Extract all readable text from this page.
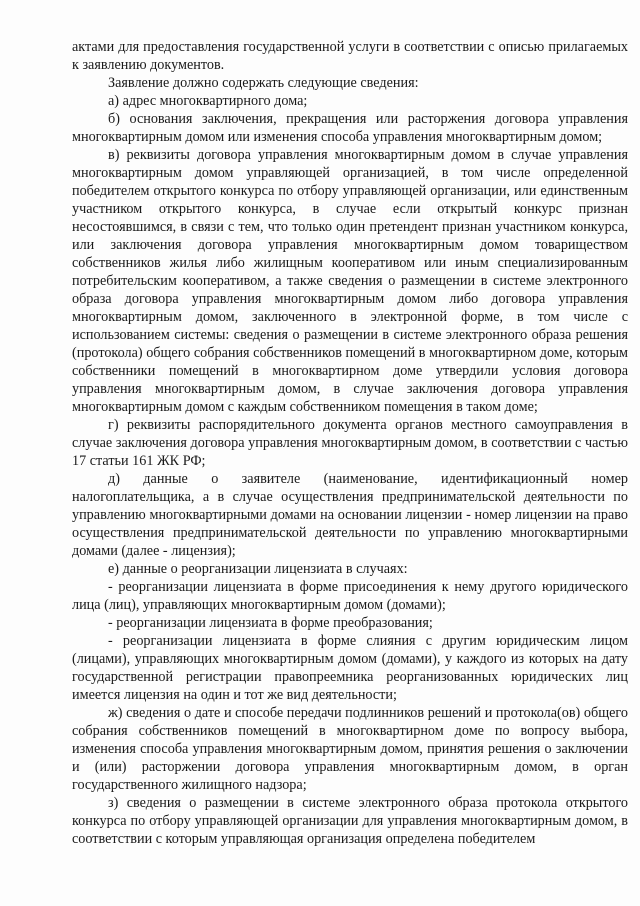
актами для предоставления государственной услуги в соответствии с описью прилагаемых к заявлению документов.

Заявление должно содержать следующие сведения:

а) адрес многоквартирного дома;

б) основания заключения, прекращения или расторжения договора управления многоквартирным домом или изменения способа управления многоквартирным домом;

в) реквизиты договора управления многоквартирным домом в случае управления многоквартирным домом управляющей организацией, в том числе определенной победителем открытого конкурса по отбору управляющей организации, или единственным участником открытого конкурса, в случае если открытый конкурс признан несостоявшимся, в связи с тем, что только один претендент признан участником конкурса, или заключения договора управления многоквартирным домом товариществом собственников жилья либо жилищным кооперативом или иным специализированным потребительским кооперативом, а также сведения о размещении в системе электронного образа договора управления многоквартирным домом либо договора управления многоквартирным домом, заключенного в электронной форме, в том числе с использованием системы: сведения о размещении в системе электронного образа решения (протокола) общего собрания собственников помещений в многоквартирном доме, которым собственники помещений в многоквартирном доме утвердили условия договора управления многоквартирным домом, в случае заключения договора управления многоквартирным домом с каждым собственником помещения в таком доме;

г) реквизиты распорядительного документа органов местного самоуправления в случае заключения договора управления многоквартирным домом, в соответствии с частью 17 статьи 161 ЖК РФ;

д) данные о заявителе (наименование, идентификационный номер налогоплательщика, а в случае осуществления предпринимательской деятельности по управлению многоквартирными домами на основании лицензии - номер лицензии на право осуществления предпринимательской деятельности по управлению многоквартирными домами (далее - лицензия);

е) данные о реорганизации лицензиата в случаях:

- реорганизации лицензиата в форме присоединения к нему другого юридического лица (лиц), управляющих многоквартирным домом (домами);

- реорганизации лицензиата в форме преобразования;

- реорганизации лицензиата в форме слияния с другим юридическим лицом (лицами), управляющих многоквартирным домом (домами), у каждого из которых на дату государственной регистрации правопреемника реорганизованных юридических лиц имеется лицензия на один и тот же вид деятельности;

ж) сведения о дате и способе передачи подлинников решений и протокола(ов) общего собрания собственников помещений в многоквартирном доме по вопросу выбора, изменения способа управления многоквартирным домом, принятия решения о заключении и (или) расторжении договора управления многоквартирным домом, в орган государственного жилищного надзора;

з) сведения о размещении в системе электронного образа протокола открытого конкурса по отбору управляющей организации для управления многоквартирным домом, в соответствии с которым управляющая организация определена победителем
